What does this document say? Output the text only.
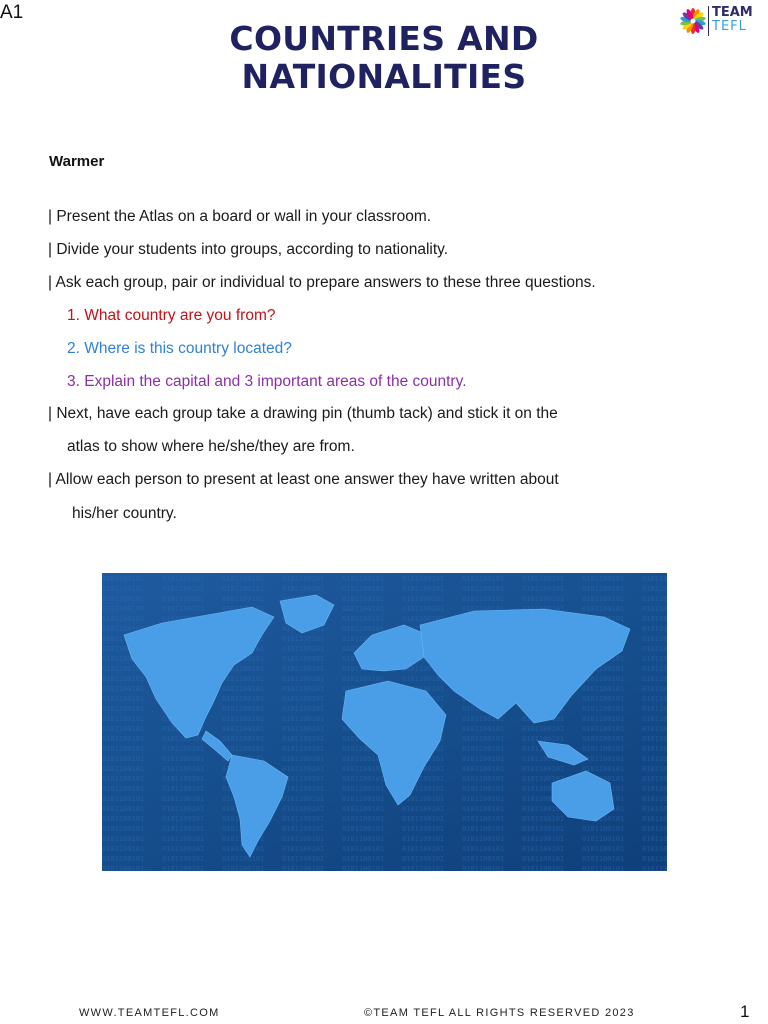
A1
COUNTRIES AND
NATIONALITIES
TEAM
TEFL
Warmer
| Present the Atlas on a board or wall in your classroom.
| Divide your students into groups, according to nationality.
| Ask each group, pair or individual to prepare answers to these three questions.
1. What country are you from?
2. Where is this country located?
3. Explain the capital and 3 important areas of the country.
| Next, have each group take a drawing pin (thumb tack) and stick it on the
atlas to show where he/she/they are from.
| Allow each person to present at least one answer they have written about
his/her country.
WWW.TEAMTEFL.COM	©TEAM TEFL ALL RIGHTS RESERVED 2023	1
